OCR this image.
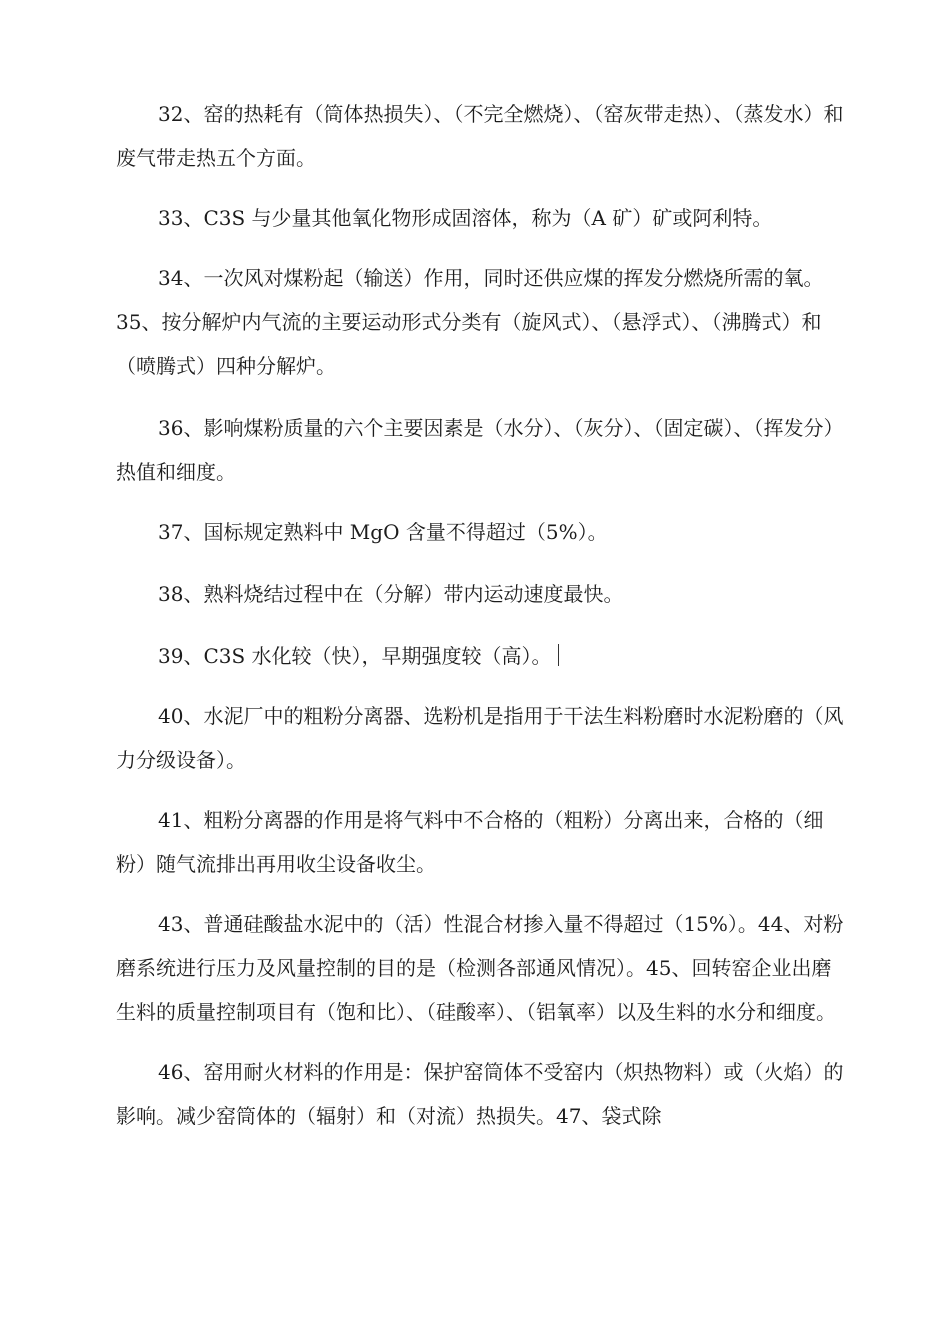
32、窑的热耗有（筒体热损失）、（不完全燃烧）、（窑灰带走热）、（蒸发水）和废气带走热五个方面。

33、C3S 与少量其他氧化物形成固溶体，称为（A 矿）矿或阿利特。

34、一次风对煤粉起（输送）作用，同时还供应煤的挥发分燃烧所需的氧。35、按分解炉内气流的主要运动形式分类有（旋风式）、（悬浮式）、（沸腾式）和（喷腾式）四种分解炉。

36、影响煤粉质量的六个主要因素是（水分）、（灰分）、（固定碳）、（挥发分）热值和细度。

37、国标规定熟料中 MgO 含量不得超过（5%）。

38、熟料烧结过程中在（分解）带内运动速度最快。

39、C3S 水化较（快），早期强度较（高）。

40、水泥厂中的粗粉分离器、选粉机是指用于干法生料粉磨时水泥粉磨的（风力分级设备）。

41、粗粉分离器的作用是将气料中不合格的（粗粉）分离出来，合格的（细粉）随气流排出再用收尘设备收尘。

43、普通硅酸盐水泥中的（活）性混合材掺入量不得超过（15%）。44、对粉磨系统进行压力及风量控制的目的是（检测各部通风情况）。45、回转窑企业出磨生料的质量控制项目有（饱和比）、（硅酸率）、（铝氧率）以及生料的水分和细度。

46、窑用耐火材料的作用是：保护窑筒体不受窑内（炽热物料）或（火焰）的影响。减少窑筒体的（辐射）和（对流）热损失。47、袋式除
